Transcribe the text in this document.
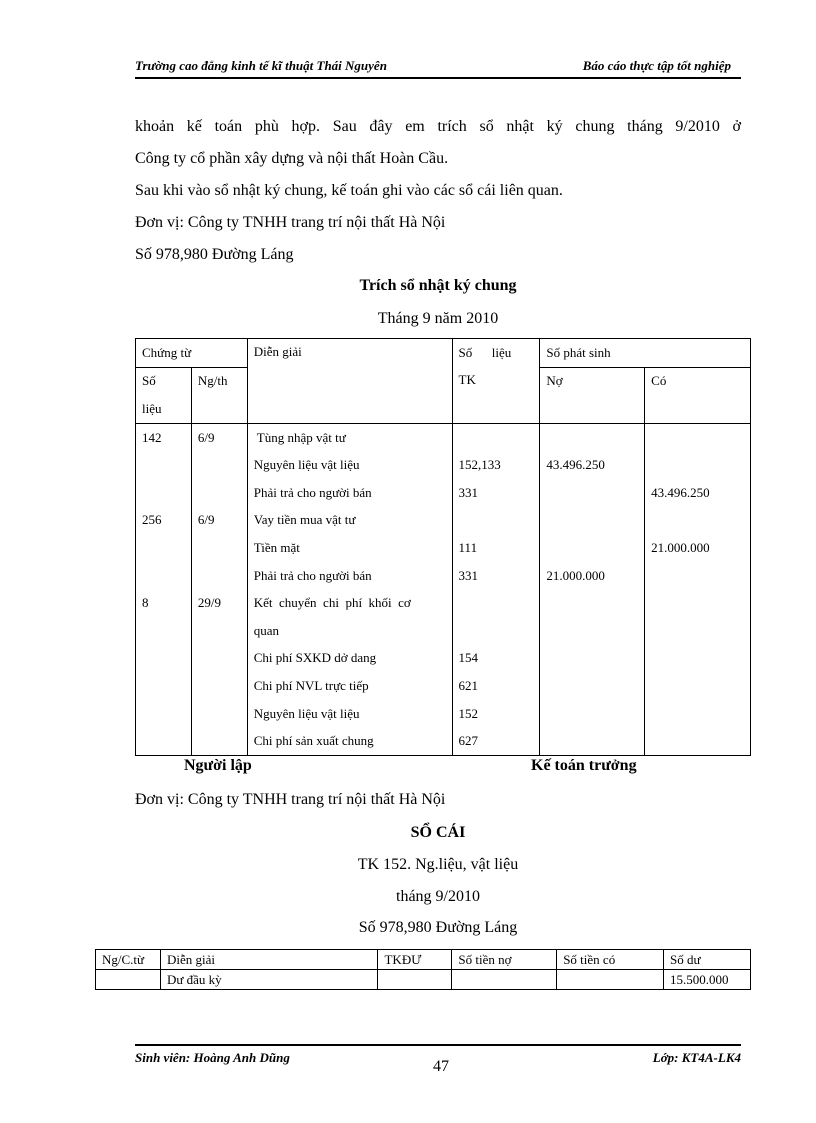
Trường cao đẳng kinh tế kĩ thuật Thái Nguyên	Báo cáo thực tập tốt nghiệp
khoản kế toán phù hợp. Sau đây em trích sổ nhật ký chung tháng 9/2010 ở
Công ty cổ phần xây dựng và nội thất Hoàn Cầu.
Sau khi vào sổ nhật ký chung, kế toán ghi vào các sổ cái liên quan.
Đơn vị: Công ty TNHH trang trí nội thất Hà Nội
Số 978,980 Đường Láng
Trích sổ nhật ký chung
Tháng 9 năm 2010
Chứng từ		Diễn giải	Số      liệu	Số phát sinh	
Số	Ng/th		TK	Nợ	Có
liệu					
142	6/9	Tùng nhập vật tư			
		Nguyên liệu vật liệu	152,133	43.496.250	
		Phải trả cho người bán	331		43.496.250
256	6/9	Vay tiền mua vật tư			
		Tiền mặt	111		21.000.000
		Phải trả cho người bán	331	21.000.000	
8	29/9	Kết  chuyển  chi  phí  khối  cơ			
		quan			
		Chi phí SXKD dở dang	154		
		Chi phí NVL trực tiếp	621		
		Nguyên liệu vật liệu	152		
		Chi phí sản xuất chung	627		
Người lập	Kế toán trưởng
Đơn vị: Công ty TNHH trang trí nội thất Hà Nội
SỔ CÁI
TK 152. Ng.liệu, vật liệu
tháng 9/2010
Số 978,980 Đường Láng
Ng/C.từ	Diễn giải	TKĐƯ	Số tiền nợ	Số tiền có	Số dư
	Dư đầu kỳ				15.500.000
Sinh viên: Hoàng Anh Dũng
47
Lớp: KT4A-LK4
